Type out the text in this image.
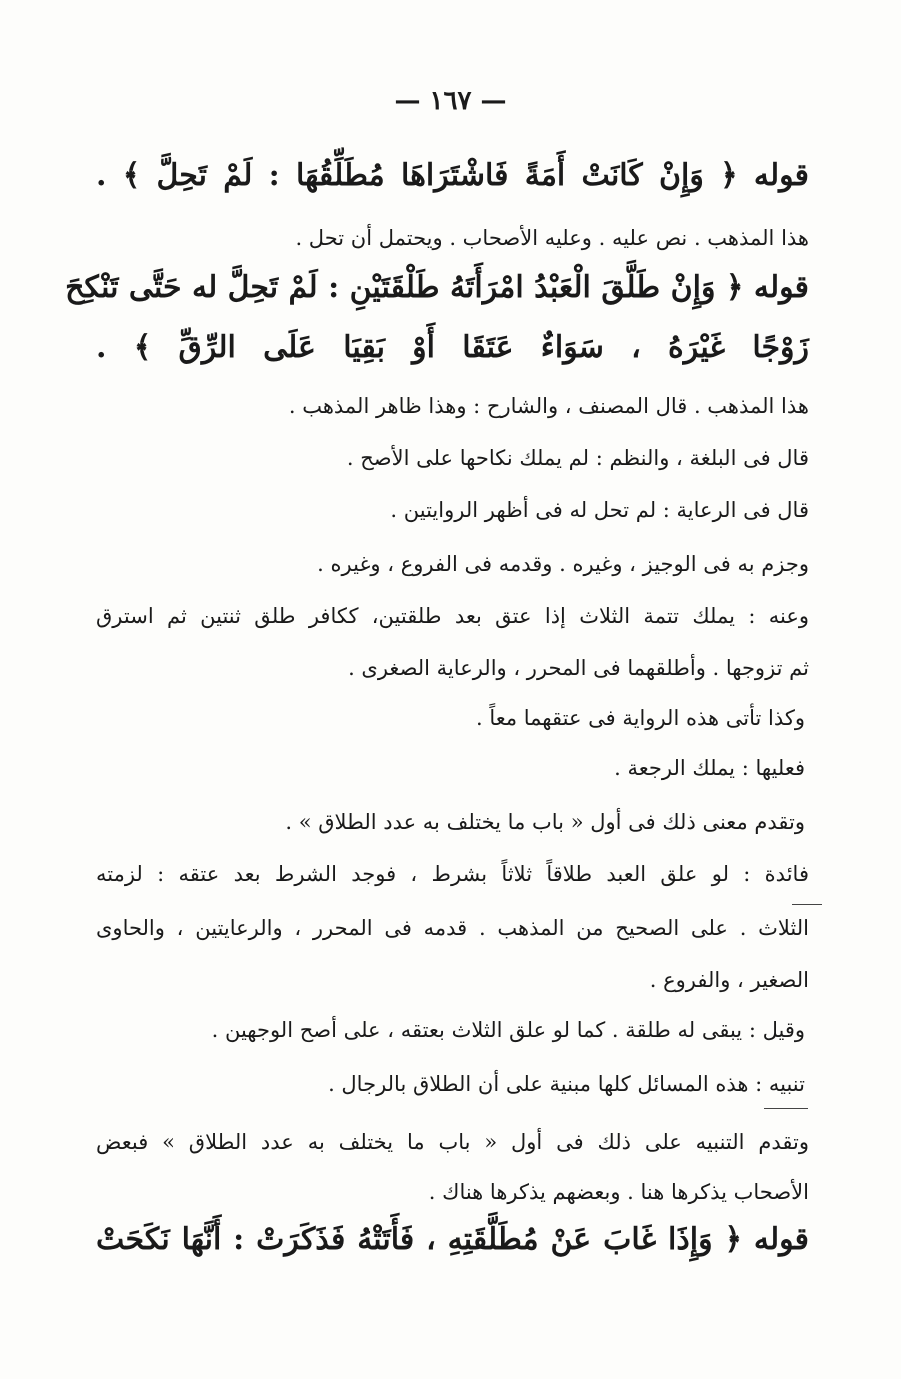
— ١٦٧ —
قوله ﴿ وَإِنْ كَانَتْ أَمَةً فَاشْتَرَاهَا مُطَلِّقُهَا : لَمْ تَحِلَّ ﴾ .
هذا المذهب . نص عليه . وعليه الأصحاب . ويحتمل أن تحل .
قوله ﴿ وَإِنْ طَلَّقَ الْعَبْدُ امْرَأَتَهُ طَلْقَتَيْنِ : لَمْ تَحِلَّ له حَتَّى تَنْكِحَ
زَوْجًا غَيْرَهُ ، سَوَاءٌ عَتَقَا أَوْ بَقِيَا عَلَى الرِّقِّ ﴾ .
هذا المذهب . قال المصنف ، والشارح : وهذا ظاهر المذهب .
قال فى البلغة ، والنظم : لم يملك نكاحها على الأصح .
قال فى الرعاية : لم تحل له فى أظهر الروايتين .
وجزم به فى الوجيز ، وغيره . وقدمه فى الفروع ، وغيره .
وعنه : يملك تتمة الثلاث إذا عتق بعد طلقتين، ككافر طلق ثنتين ثم استرق
ثم تزوجها . وأطلقهما فى المحرر ، والرعاية الصغرى .
وكذا تأتى هذه الرواية فى عتقهما معاً .
فعليها : يملك الرجعة .
وتقدم معنى ذلك فى أول « باب ما يختلف به عدد الطلاق » .
فائدة : لو علق العبد طلاقاً ثلاثاً بشرط ، فوجد الشرط بعد عتقه : لزمته
الثلاث . على الصحيح من المذهب . قدمه فى المحرر ، والرعايتين ، والحاوى
الصغير ، والفروع .
وقيل : يبقى له طلقة . كما لو علق الثلاث بعتقه ، على أصح الوجهين .
تنبيه : هذه المسائل كلها مبنية على أن الطلاق بالرجال .
وتقدم التنبيه على ذلك فى أول « باب ما يختلف به عدد الطلاق » فبعض
الأصحاب يذكرها هنا . وبعضهم يذكرها هناك .
قوله ﴿ وَإِذَا غَابَ عَنْ مُطَلَّقَتِهِ ، فَأَتَتْهُ فَذَكَرَتْ : أَنَّهَا نَكَحَتْ
